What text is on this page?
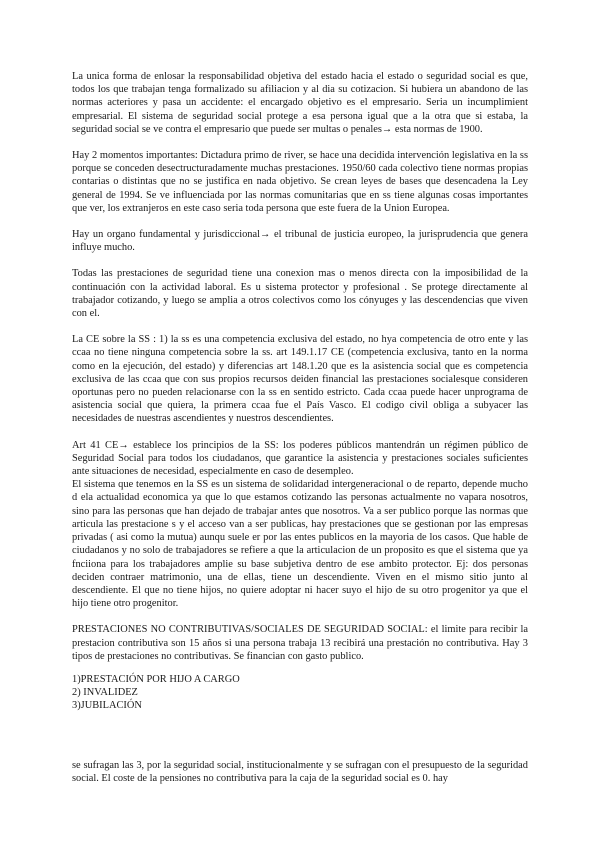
La unica forma de enlosar la responsabilidad objetiva del estado hacia el estado o seguridad social es que, todos los que trabajan tenga formalizado su afiliacion y al dia su cotizacion. Si hubiera un abandono de las normas acteriores y pasa un accidente: el encargado objetivo es el empresario. Seria un incumplimient empresarial. El sistema de seguridad social protege a esa persona igual que a la otra que si estaba, la seguridad social se ve contra el empresario que puede ser multas o penales→ esta normas de 1900.

Hay 2 momentos importantes: Dictadura primo de river, se hace una decidida intervención legislativa en la ss porque se conceden desectructuradamente muchas prestaciones. 1950/60 cada colectivo tiene normas propias contarias o distintas que no se justifica en nada objetivo. Se crean leyes de bases que desencadena la Ley general de 1994. Se ve influenciada por las normas comunitarias que en ss tiene algunas cosas importantes que ver, los extranjeros en este caso seria toda persona que este fuera de la Union Europea.

Hay un organo fundamental y jurisdiccional→ el tribunal de justicia europeo, la jurisprudencia que genera influye mucho.

Todas las prestaciones de seguridad tiene una conexion mas o menos directa con la imposibilidad de la continuación con la actividad laboral. Es u sistema protector y profesional . Se protege directamente al trabajador cotizando, y luego se amplia a otros colectivos como los cónyuges y las descendencias que viven con el.

La CE sobre la SS : 1) la ss es una competencia exclusiva del estado, no hya competencia de otro ente y las ccaa no tiene ninguna competencia sobre la ss. art 149.1.17 CE (competencia exclusiva, tanto en la norma como en la ejecución, del estado) y diferencias art 148.1.20 que es la asistencia social que es competencia exclusiva de las ccaa que con sus propios recursos deiden financial las prestaciones socialesque consideren oportunas pero no pueden relacionarse con la ss en sentido estricto. Cada ccaa puede hacer unprograma de asistencia social que quiera, la primera ccaa fue el País Vasco. El codigo civil obliga a subyacer las necesidades de nuestras ascendientes y nuestros descendientes.

Art 41 CE→ establece los principios de la SS: los poderes públicos mantendrán un régimen público de Seguridad Social para todos los ciudadanos, que garantice la asistencia y prestaciones sociales suficientes ante situaciones de necesidad, especialmente en caso de desempleo.

El sistema que tenemos en la SS es un sistema de solidaridad intergeneracional o de reparto, depende mucho d ela actualidad economica ya que lo que estamos cotizando las personas actualmente no vapara nosotros, sino para las personas que han dejado de trabajar antes que nosotros. Va a ser publico porque las normas que articula las prestacione s y el acceso van a ser publicas, hay prestaciones que se gestionan por las empresas privadas ( asi como la mutua) aunqu suele er por las entes publicos en la mayoria de los casos. Que hable de ciudadanos y no solo de trabajadores se refiere a que la articulacion de un proposito es que el sistema que ya fnciiona para los trabajadores amplie su base subjetiva dentro de ese ambito protector. Ej: dos personas deciden contraer matrimonio, una de ellas, tiene un descendiente. Viven en el mismo sitio junto al descendiente. El que no tiene hijos, no quiere adoptar ni hacer suyo el hijo de su otro progenitor ya que el hijo tiene otro progenitor.

PRESTACIONES NO CONTRIBUTIVAS/SOCIALES DE SEGURIDAD SOCIAL: el limite para recibir la prestacion contributiva son 15 años si una persona trabaja 13 recibirá una prestación no contributiva. Hay 3 tipos de prestaciones no contributivas. Se financian con gasto publico.

1)PRESTACIÓN POR HIJO A CARGO
2) INVALIDEZ
3)JUBILACIÓN

se sufragan las 3, por la seguridad social, institucionalmente y se sufragan con el presupuesto de la seguridad social. El coste de la pensiones no contributiva para la caja de la seguridad social es 0. hay
